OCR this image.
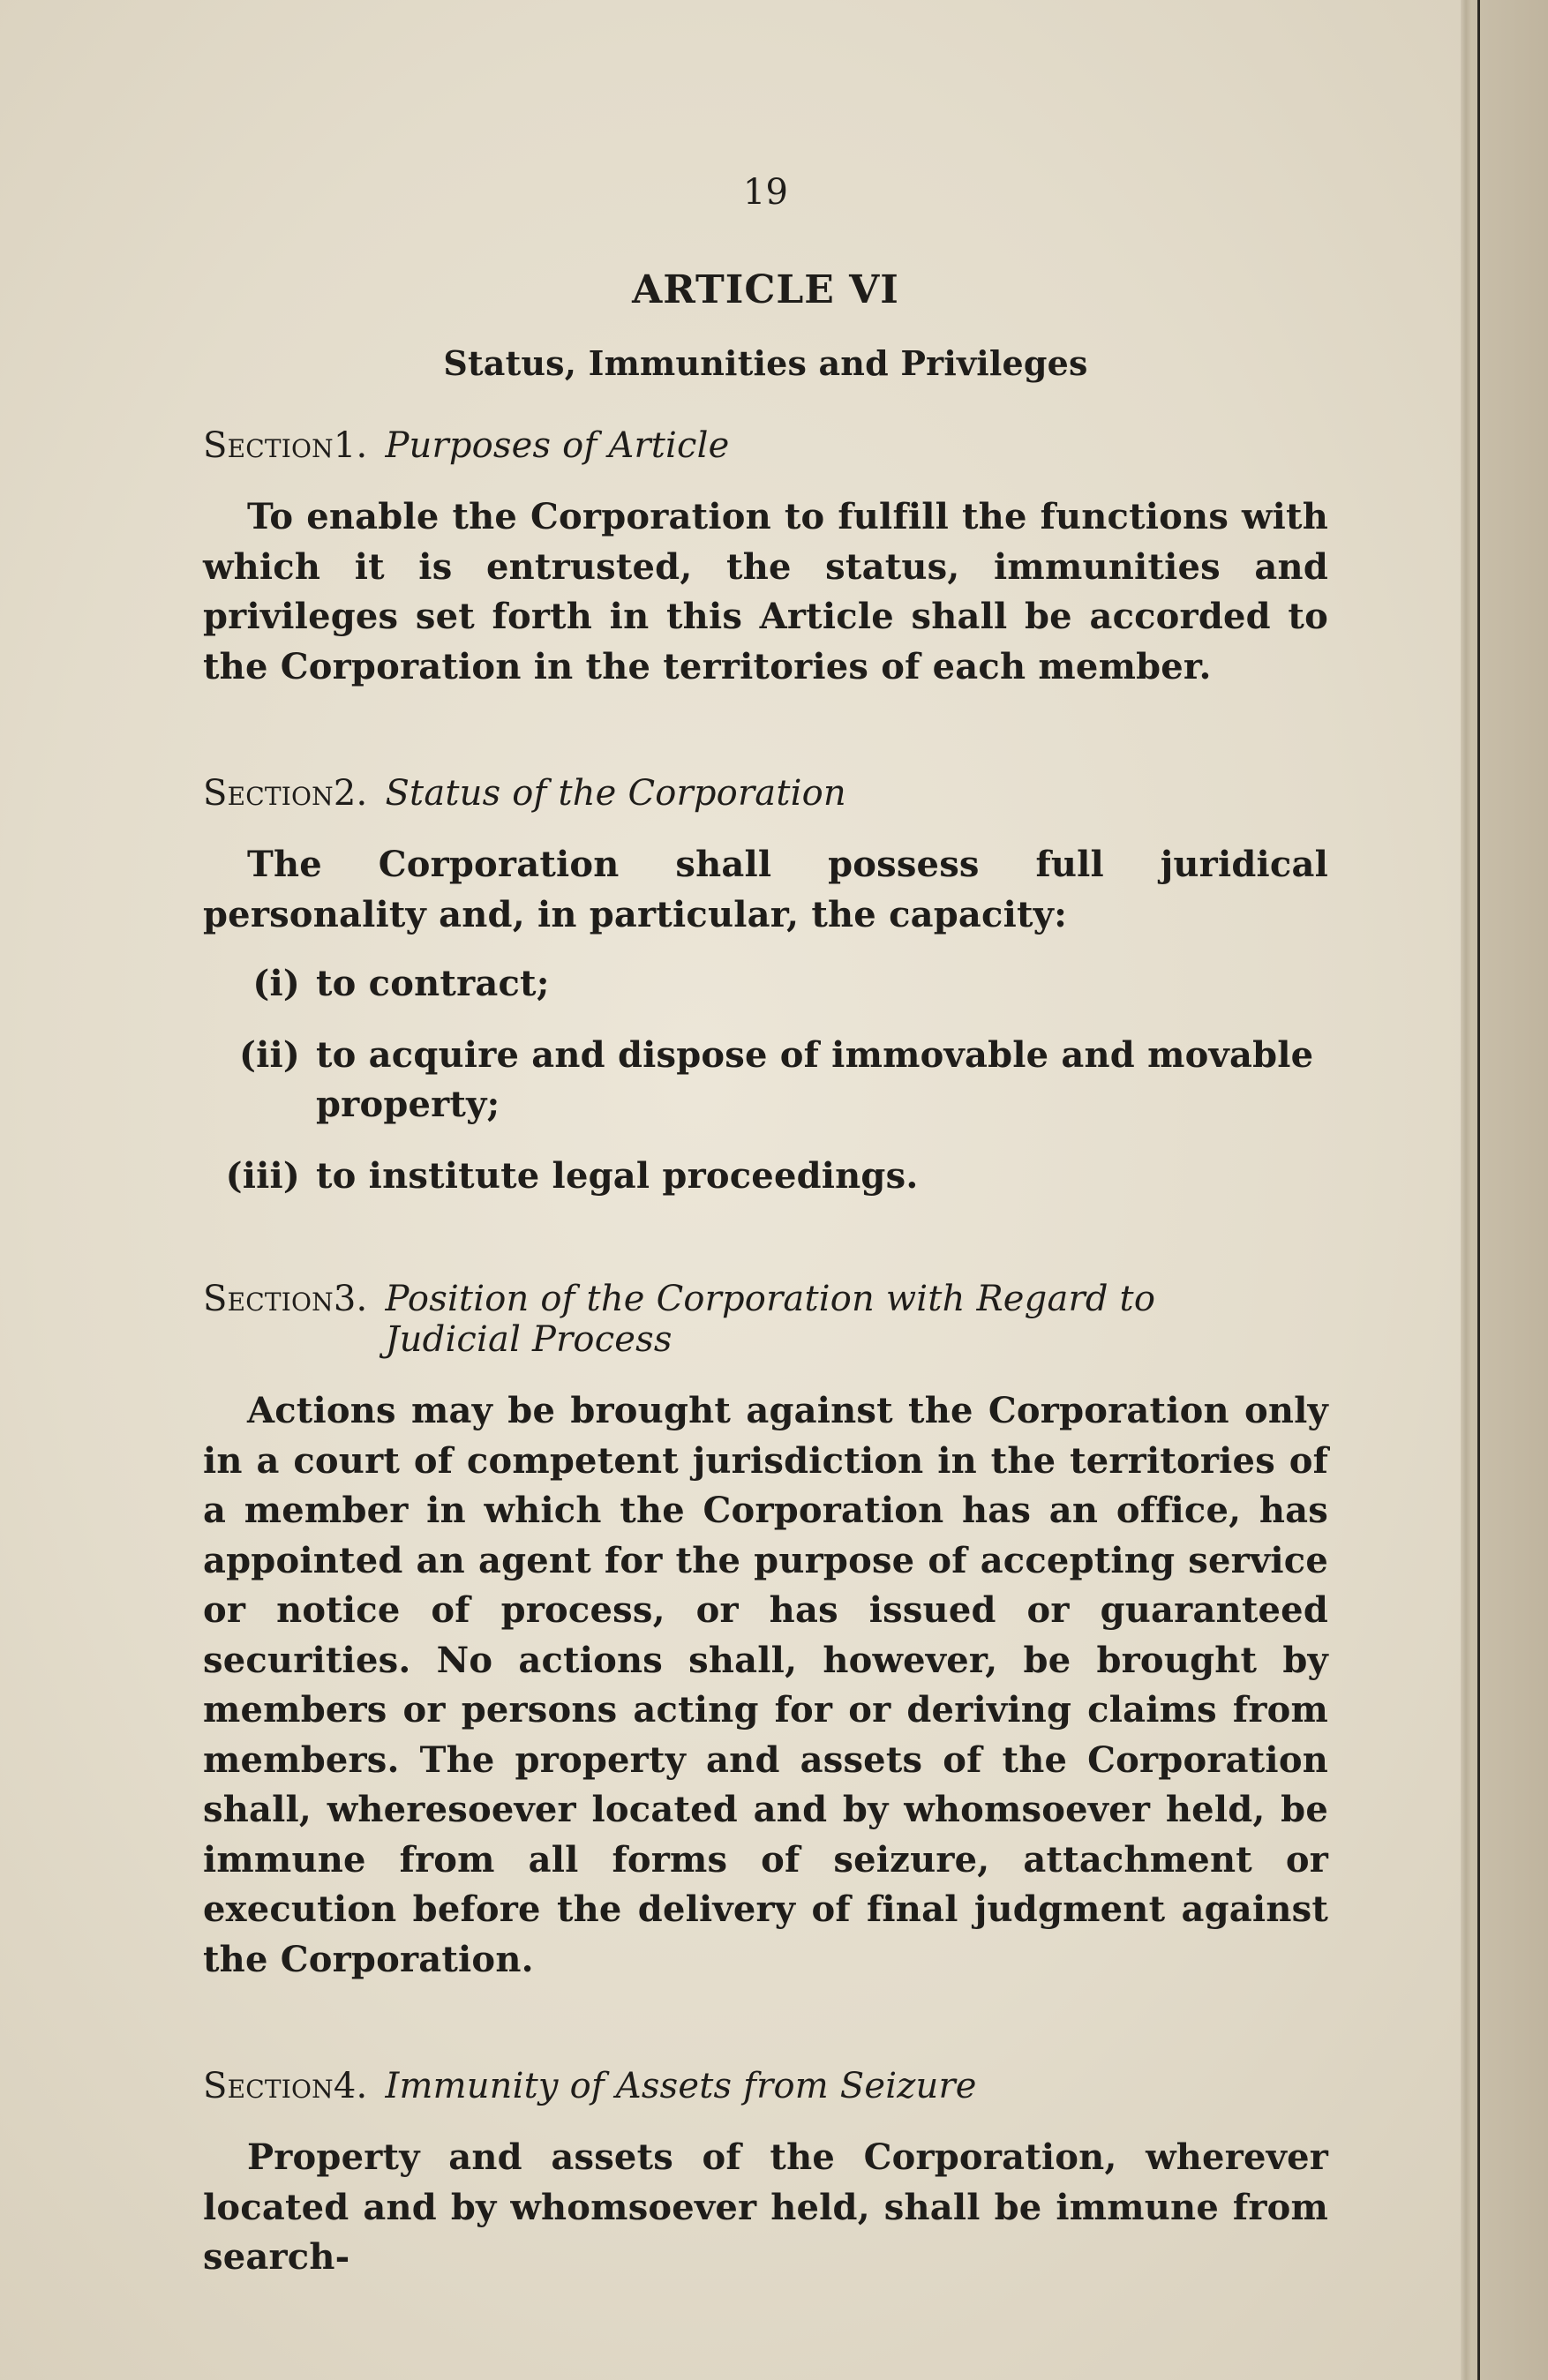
19
ARTICLE VI
Status, Immunities and Privileges
Section 1. Purposes of Article

To enable the Corporation to fulfill the functions with which it is entrusted, the status, immunities and privileges set forth in this Article shall be accorded to the Corporation in the territories of each member.

Section 2. Status of the Corporation

The Corporation shall possess full juridical personality and, in particular, the capacity:

(i) to contract;
(ii) to acquire and dispose of immovable and movable property;
(iii) to institute legal proceedings.
Section 3. Position of the Corporation with Regard to
Judicial Process

Actions may be brought against the Corporation only in a court of competent jurisdiction in the territories of a member in which the Corporation has an office, has appointed an agent for the purpose of accepting service or notice of process, or has issued or guaranteed securities. No actions shall, however, be brought by members or persons acting for or deriving claims from members. The property and assets of the Corporation shall, wheresoever located and by whomsoever held, be immune from all forms of seizure, attachment or execution before the delivery of final judgment against the Corporation.

Section 4. Immunity of Assets from Seizure

Property and assets of the Corporation, wherever located and by whomsoever held, shall be immune from search-
